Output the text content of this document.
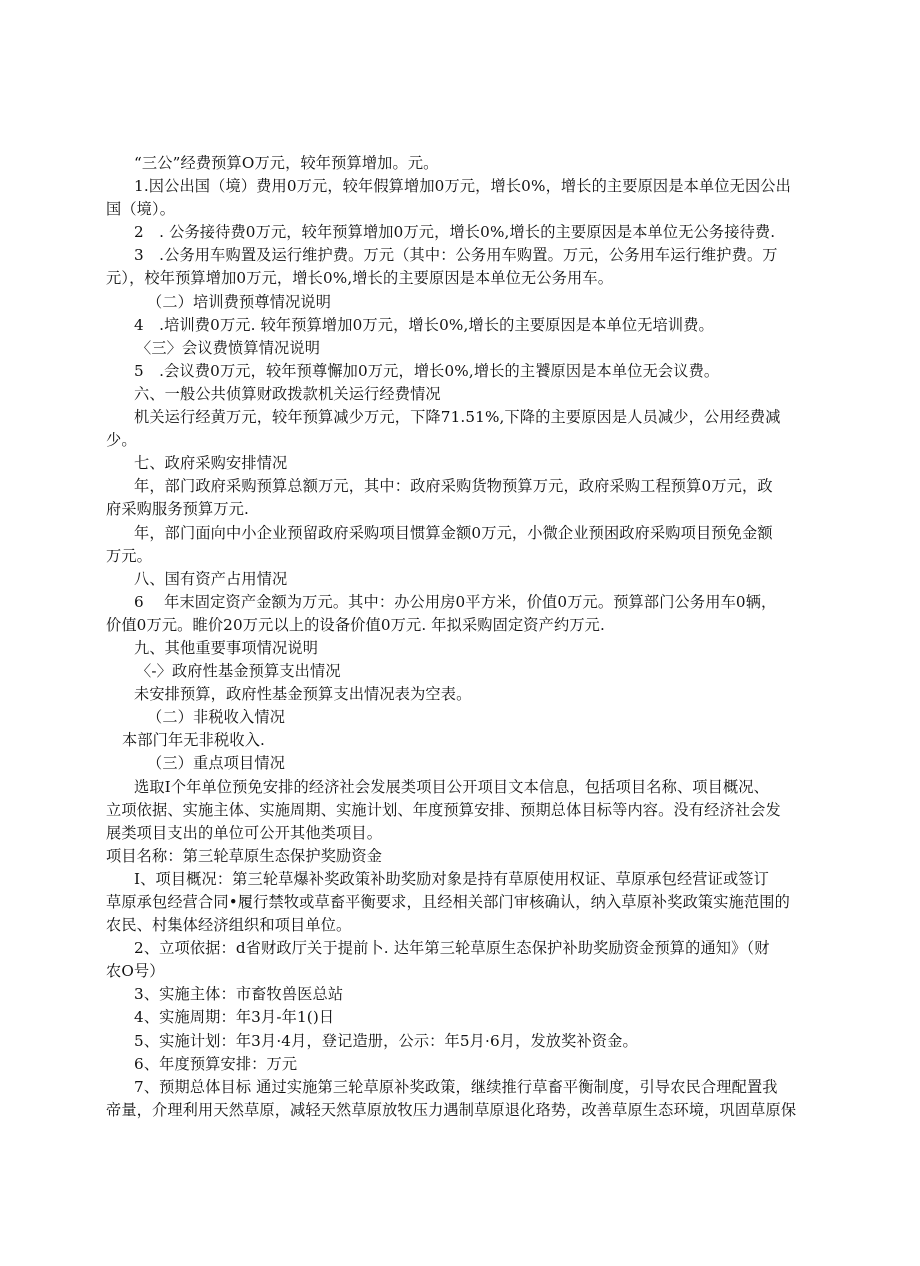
“三公”经费预算O万元，较年预算增加。元。

1.因公出国（境）费用0万元，较年假算增加0万元，增长0%，增长的主要原因是本单位无因公出

国（境）。

2　. 公务接待费0万元，较年预算增加0万元，增长0%,增长的主要原因是本单位无公务接待费.

3　.公务用车购置及运行维护费。万元（其中：公务用车购置。万元，公务用车运行维护费。万

元），校年预算增加0万元，增长0%,增长的主要原因是本单位无公务用车。

（二）培训费预尊情况说明

4　.培训费0万元. 较年预算增加0万元，增长0%,增长的主要原因是本单位无培训费。

〈三〉会议费愤算情况说明

5　.会议费0万元，较年预尊懈加0万元，增长0%,增长的主饕原因是本单位无会议费。

六、一般公共侦算财政拨款机关运行经费情况

机关运行经黄万元，较年预算减少万元，下降71.51%,下降的主要原因是人员减少，公用经费减

少。

七、政府采购安排情况

年，部门政府采购预算总额万元，其中：政府采购货物预算万元，政府采购工程预算0万元，政

府采购服务预算万元.

年，部门面向中小企业预留政府采购项目惯算金额0万元，小微企业预困政府采购项目预免金额

万元。

八、国有资产占用情况

6　 年末固定资产金额为万元。其中：办公用房0平方米，价值0万元。预算部门公务用车0辆，

价值0万元。睢价20万元以上的设备价值0万元. 年拟采购固定资产约万元.

九、其他重要事项情况说明

〈-〉政府性基金预算支出情况

未安排预算，政府性基金预算支出情况表为空表。

（二）非税收入情况

本部门年无非税收入.

（三）重点项目情况

选取I个年单位预免安排的经济社会发展类项目公开项目文本信息，包括项目名称、项目概况、

立项依据、实施主体、实施周期、实施计划、年度预算安排、预期总体目标等内容。没有经济社会发

展类项目支出的单位可公开其他类项目。

项目名称：第三轮草原生态保护奖励资金

I、项目概况：第三轮草爆补奖政策补助奖励对象是持有草原使用权证、草原承包经营证或签订

草原承包经营合同•履行禁牧或草畜平衡要求，且经相关部门审核确认，纳入草原补奖政策实施范围的

农民、村集体经济组织和项目单位。

2、立项依据：d省财政厅关于提前卜. 达年第三轮草原生态保护补助奖励资金预算的通知》（财

农O号）

3、实施主体：市畜牧兽医总站

4、实施周期：年3月-年1()日

5、实施计划：年3月·4月，登记造册，公示：年5月·6月，发放奖补资金。

6、年度预算安排：万元

7、预期总体目标 通过实施第三轮草原补奖政策，继续推行草畜平衡制度，引导农民合理配置我

帝量，介理利用天然草原，减轻天然草原放牧压力遇制草原退化珞势，改善草原生态环境，巩固草原保
